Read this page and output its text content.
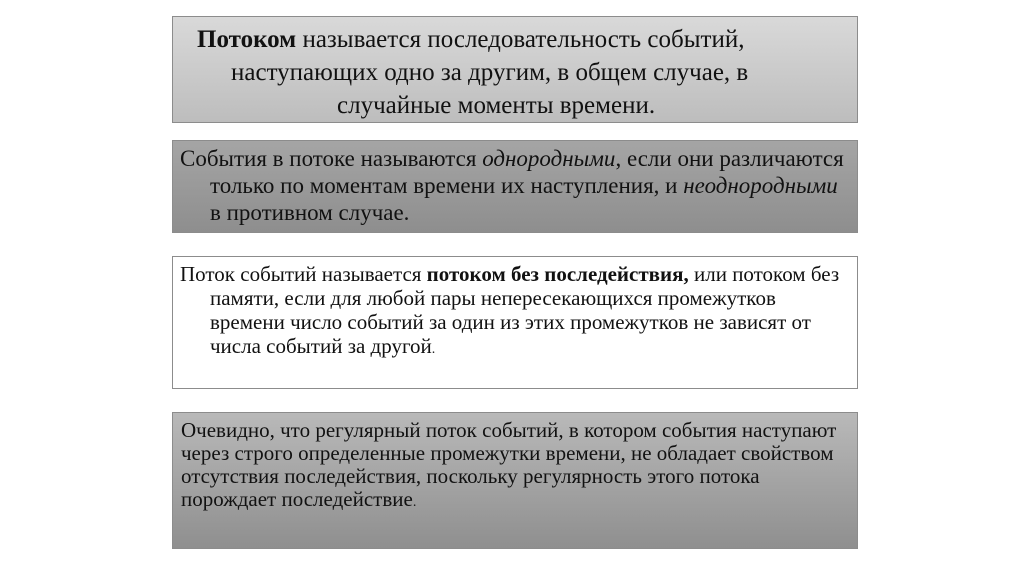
Потоком называется последовательность событий,
наступающих одно за другим, в общем случае, в
случайные моменты времени.

События в потоке называются однородными, если они различаются только по моментам времени их наступления, и неоднородными в противном случае.

Поток событий называется потоком без последействия, или потоком без памяти, если для любой пары непересекающихся промежутков времени число событий за один из этих промежутков не зависят от числа событий за другой.

Очевидно, что регулярный поток событий, в котором события наступают через строго определенные промежутки времени, не обладает свойством отсутствия последействия, поскольку регулярность этого потока порождает последействие.
